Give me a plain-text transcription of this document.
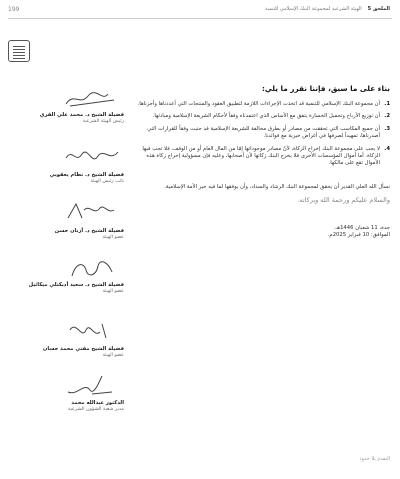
199	الملحق 5الهيئة الشرعية لمجموعة البنك الإسلامي للتنمية

بناء على ما سبق، فإننا نقرر ما يلي:

1.
أن مجموعة البنك الإسلامي للتنمية قد اتخذت الإجراءات اللازمة لتطبيق العقود والمنتجات التي أعددناها وأجزناها.
2.
أن توزيع الأرباح وتحميل الخسارة يتفق مع الأساس الذي اعتمدناه وفقاً لأحكام الشريعة الإسلامية ومبادئها.
3.
أن جميع المكاسب التي تحققت من مصادر أو بطرق مخالفة للشريعة الإسلامية قد جنبت وفقاً للقرارات التي أصدرناها، تمهيداً لصرفها في أغراض خيرية مع فوائدنا.
4.
لا يجب على مجموعة البنك إخراج الزكاة، لأنّ مصادر موجوداتها إمّا من المال العام أو من الوقف، فلا تجب فيها الزكاة. أما أموال المؤسسات الأخرى فلا يخرج البنك زكاتها لأن أصحابها، وعليه فإن مسؤولية إخراج زكاة هذه الأموال تقع على مالكها.

نسأل الله العلي القدير أن يحقق لمجموعة البنك الرشاد والسداد، وأن يوفقها لما فيه خير الأمة الإسلامية.

والسلام عليكم ورحمة الله وبركاته.

جدة، 11 شعبان 1446هـ.
الموافق: 10 فبراير 2025م.
فضيلة الشيخ د. محمد علي القري
رئيس الهيئة الشرعية
فضيلة الشيخ د. نظام يعقوبي
نائب رئيس الهيئة
فضيلة الشيخ د. أزنان حسن
عضو الهيئة
فضيلة الشيخ د. سعيد أديكنلي ميكائيل
عضو الهيئة
فضيلة الشيخ مفتي محمد حسان
عضو الهيئة
الدكتور عبدالله محمد
مدير شعبة الشؤون الشرعية
التقدم بلا حدود
